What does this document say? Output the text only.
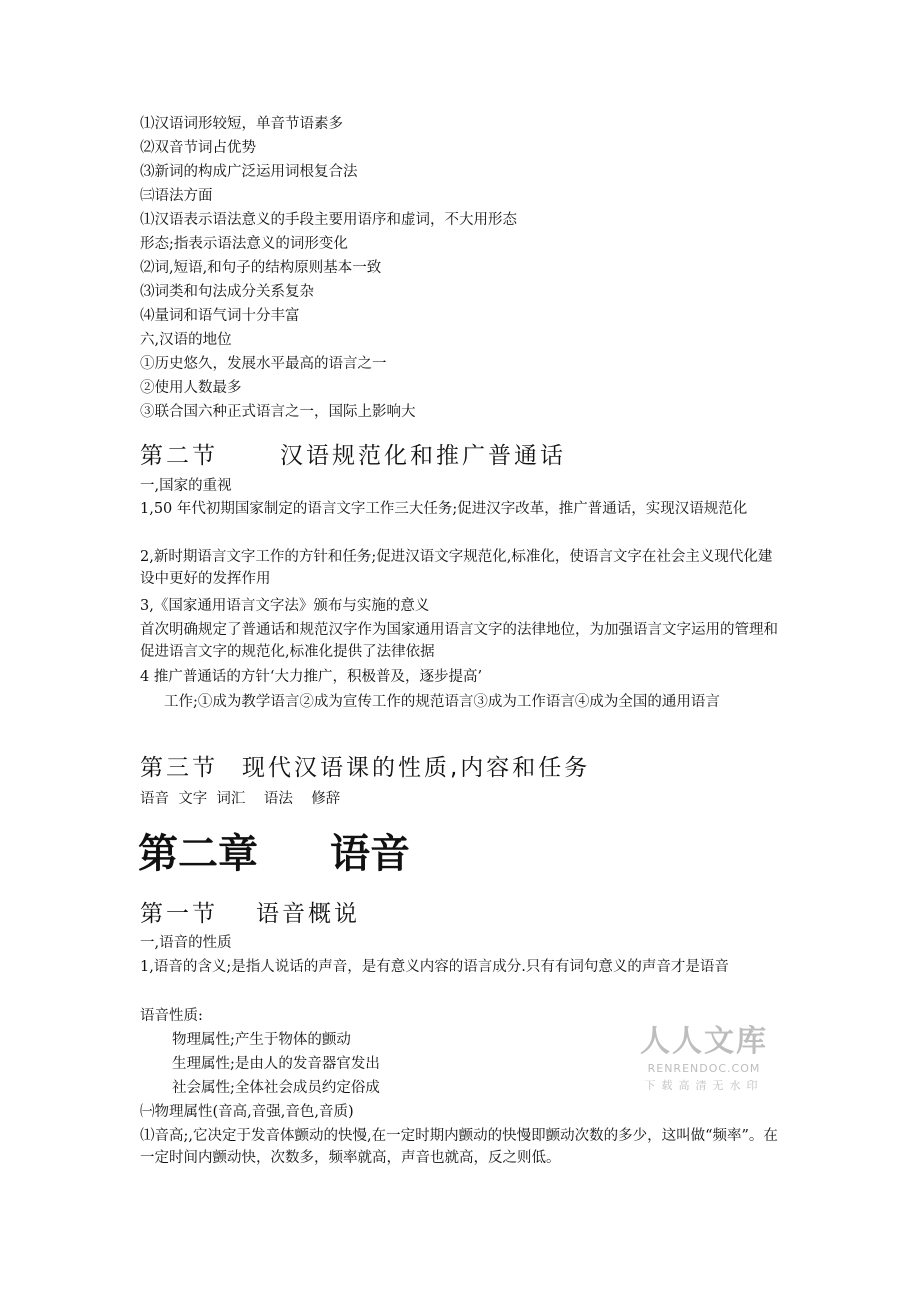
⑴汉语词形较短，单音节语素多
⑵双音节词占优势
⑶新词的构成广泛运用词根复合法
㈢语法方面
⑴汉语表示语法意义的手段主要用语序和虚词，不大用形态
形态;指表示语法意义的词形变化
⑵词,短语,和句子的结构原则基本一致
⑶词类和句法成分关系复杂
⑷量词和语气词十分丰富
六,汉语的地位
①历史悠久，发展水平最高的语言之一
②使用人数最多
③联合国六种正式语言之一，国际上影响大
第二节	汉语规范化和推广普通话
一,国家的重视
1,50 年代初期国家制定的语言文字工作三大任务;促进汉字改革，推广普通话，实现汉语规范化
2,新时期语言文字工作的方针和任务;促进汉语文字规范化,标准化，使语言文字在社会主义现代化建设中更好的发挥作用
3,《国家通用语言文字法》颁布与实施的意义
首次明确规定了普通话和规范汉字作为国家通用语言文字的法律地位，为加强语言文字运用的管理和促进语言文字的规范化,标准化提供了法律依据
4 推广普通话的方针‘大力推广，积极普及，逐步提高’
工作;①成为教学语言②成为宣传工作的规范语言③成为工作语言④成为全国的通用语言
第三节 现代汉语课的性质,内容和任务
语音  文字  词汇    语法    修辞
第二章 语音
第一节 语音概说
一,语音的性质
1,语音的含义;是指人说话的声音，是有意义内容的语言成分.只有有词句意义的声音才是语音
语音性质:
物理属性;产生于物体的颤动
生理属性;是由人的发音器官发出
社会属性;全体社会成员约定俗成
㈠物理属性(音高,音强,音色,音质)
⑴音高;,它决定于发音体颤动的快慢,在一定时期内颤动的快慢即颤动次数的多少，这叫做“频率”。在一定时间内颤动快，次数多，频率就高，声音也就高，反之则低。
人人文库
RENRENDOC.COM
下载高清无水印
